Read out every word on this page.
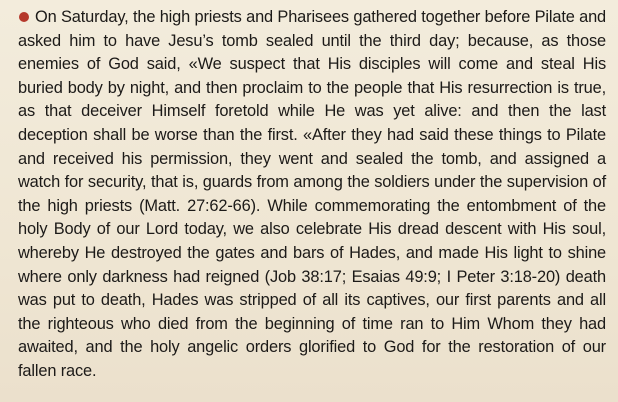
On Saturday, the high priests and Pharisees gathered together before Pilate and asked him to have Jesu’s tomb sealed until the third day; because, as those enemies of God said, «We suspect that His disciples will come and steal His buried body by night, and then proclaim to the people that His resurrection is true, as that deceiver Himself foretold while He was yet alive: and then the last deception shall be worse than the first. «After they had said these things to Pilate and received his permission, they went and sealed the tomb, and assigned a watch for security, that is, guards from among the soldiers under the supervision of the high priests (Matt. 27:62-66). While commemorating the entombment of the holy Body of our Lord today, we also celebrate His dread descent with His soul, whereby He destroyed the gates and bars of Hades, and made His light to shine where only darkness had reigned (Job 38:17; Esaias 49:9; I Peter 3:18-20) death was put to death, Hades was stripped of all its captives, our first parents and all the righteous who died from the beginning of time ran to Him Whom they had awaited, and the holy angelic orders glorified to God for the restoration of our fallen race.
